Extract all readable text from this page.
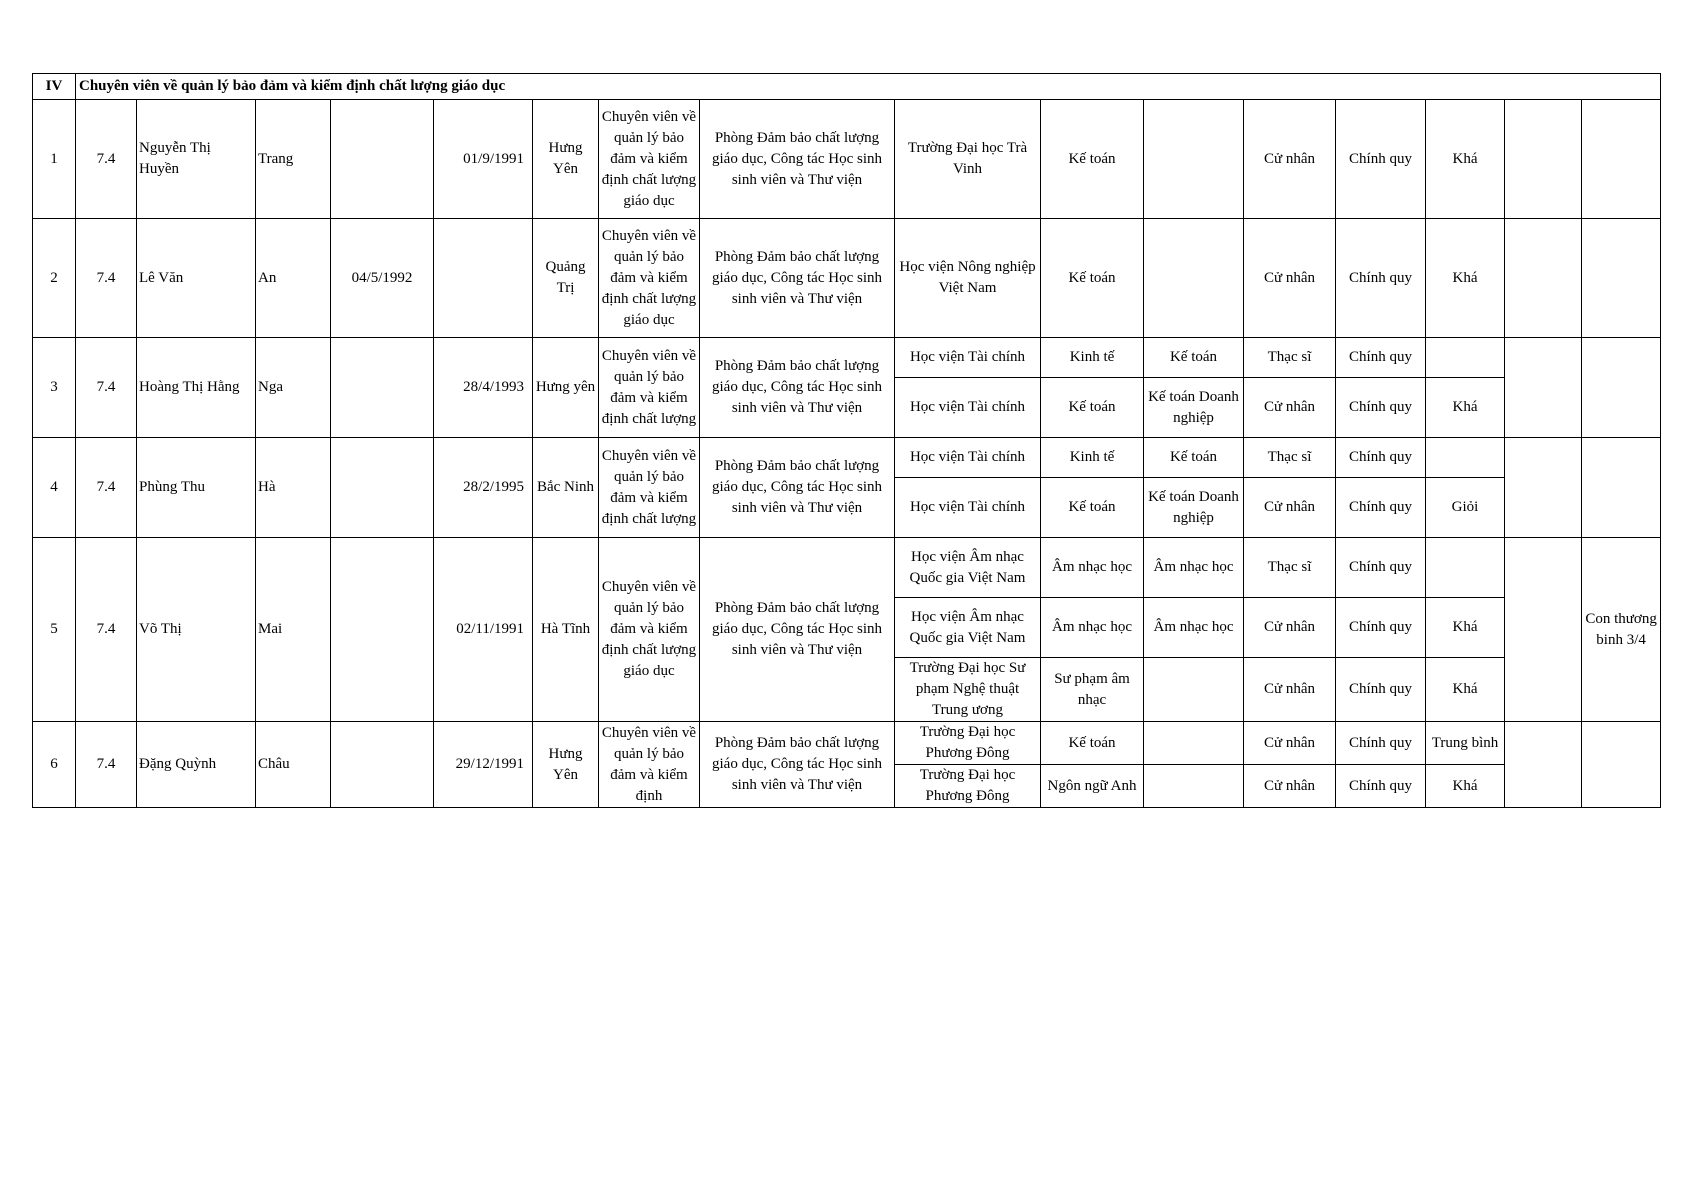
IV	Chuyên viên về quản lý bảo đảm và kiểm định chất lượng giáo dục															
1	7.4	Nguyễn Thị Huyền	Trang		01/9/1991	Hưng Yên	Chuyên viên về quản lý bảo đảm và kiểm định chất lượng giáo dục	Phòng Đảm bảo chất lượng giáo dục, Công tác Học sinh sinh viên và Thư viện	Trường Đại học Trà Vinh	Kế toán		Cử nhân	Chính quy	Khá		
2	7.4	Lê Văn	An	04/5/1992		Quảng Trị	Chuyên viên về quản lý bảo đảm và kiểm định chất lượng giáo dục	Phòng Đảm bảo chất lượng giáo dục, Công tác Học sinh sinh viên và Thư viện	Học viện Nông nghiệp Việt Nam	Kế toán		Cử nhân	Chính quy	Khá		
3	7.4	Hoàng Thị Hằng	Nga		28/4/1993	Hưng yên	Chuyên viên về quản lý bảo đảm và kiểm định chất lượng	Phòng Đảm bảo chất lượng giáo dục, Công tác Học sinh sinh viên và Thư viện	Học viện Tài chính	Kinh tế	Kế toán	Thạc sĩ	Chính quy			
									Học viện Tài chính	Kế toán	Kế toán Doanh nghiệp	Cử nhân	Chính quy	Khá		
4	7.4	Phùng Thu	Hà		28/2/1995	Bắc Ninh	Chuyên viên về quản lý bảo đảm và kiểm định chất lượng	Phòng Đảm bảo chất lượng giáo dục, Công tác Học sinh sinh viên và Thư viện	Học viện Tài chính	Kinh tế	Kế toán	Thạc sĩ	Chính quy			
									Học viện Tài chính	Kế toán	Kế toán Doanh nghiệp	Cử nhân	Chính quy	Giỏi		
5	7.4	Võ Thị	Mai		02/11/1991	Hà Tĩnh	Chuyên viên về quản lý bảo đảm và kiểm định chất lượng giáo dục	Phòng Đảm bảo chất lượng giáo dục, Công tác Học sinh sinh viên và Thư viện	Học viện Âm nhạc Quốc gia Việt Nam	Âm nhạc học	Âm nhạc học	Thạc sĩ	Chính quy			Con thương binh 3/4
									Học viện Âm nhạc Quốc gia Việt Nam	Âm nhạc học	Âm nhạc học	Cử nhân	Chính quy	Khá		
									Trường Đại học Sư phạm Nghệ thuật Trung ương	Sư phạm âm nhạc		Cử nhân	Chính quy	Khá		
6	7.4	Đặng Quỳnh	Châu		29/12/1991	Hưng Yên	Chuyên viên về quản lý bảo đảm và kiểm định	Phòng Đảm bảo chất lượng giáo dục, Công tác Học sinh sinh viên và Thư viện	Trường Đại học Phương Đông	Kế toán		Cử nhân	Chính quy	Trung bình		
									Trường Đại học Phương Đông	Ngôn ngữ Anh		Cử nhân	Chính quy	Khá		
